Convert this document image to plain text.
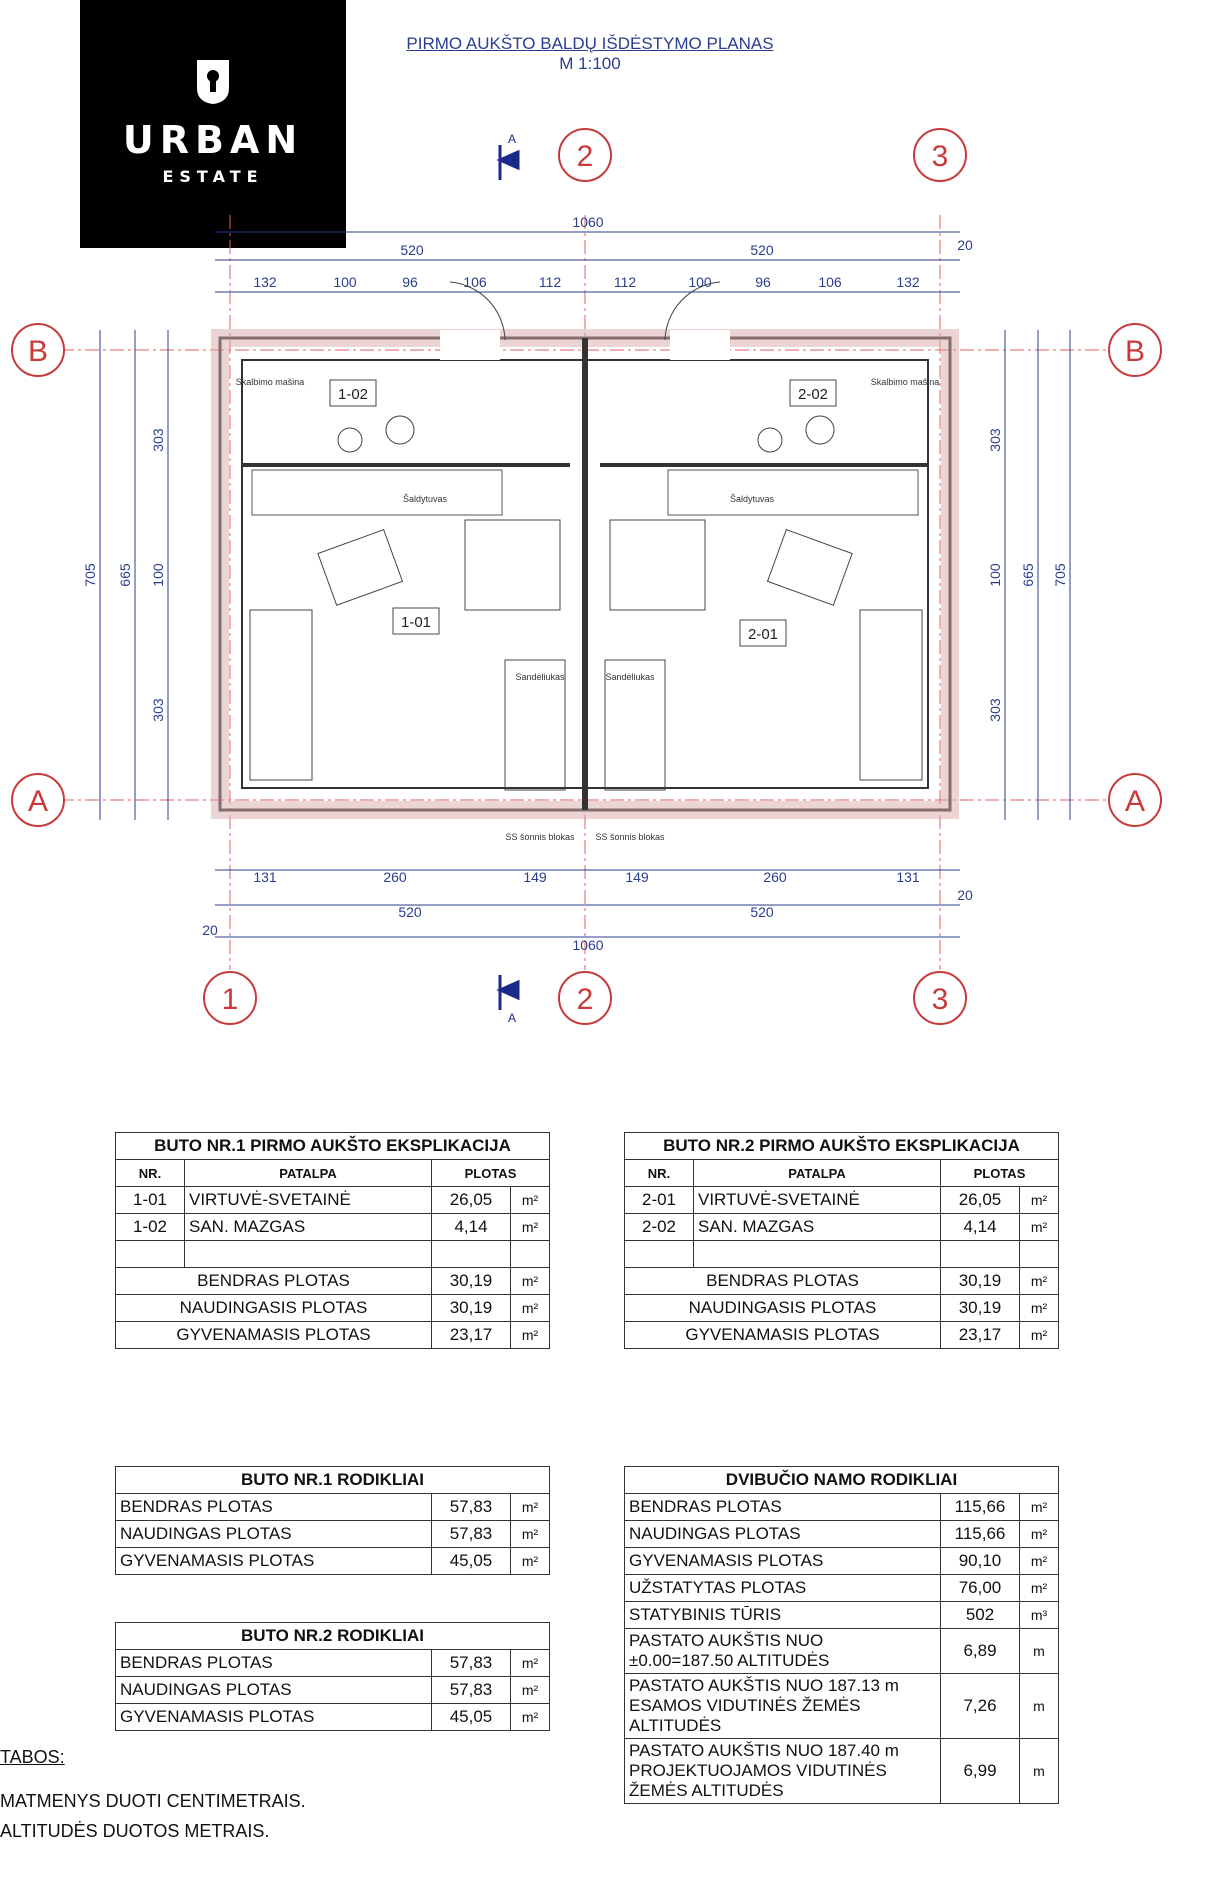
URBAN
ESTATE
PIRMO AUKŠTO BALDŲ IŠDĖSTYMO PLANAS
M 1:100
2	3
1	2	3
B
A
B
A
A
A
1060
520	520	20
132	100	96	106	112	112	100	96	106	132
131	260	149	149	260	131
520	520
1060
20
20
705 665
303
100
303
303
100
303
665 705
1-02
1-01
2-02
2-01
Skalbimo mašina	Skalbimo mašina
Šaldytuvas	Šaldytuvas
Sandėliukas	Sandėliukas
SS šonnis blokas SS šonnis blokas
BUTO NR.1 PIRMO AUKŠTO EKSPLIKACIJA			
NR.	PATALPA	PLOTAS	
1-01	VIRTUVĖ-SVETAINĖ	26,05	m²
1-02	SAN. MAZGAS	4,14	m²

BENDRAS PLOTAS		30,19	m²
NAUDINGASIS PLOTAS		30,19	m²
GYVENAMASIS PLOTAS		23,17	m²
BUTO NR.2 PIRMO AUKŠTO EKSPLIKACIJA			
NR.	PATALPA	PLOTAS	
2-01	VIRTUVĖ-SVETAINĖ	26,05	m²
2-02	SAN. MAZGAS	4,14	m²

BENDRAS PLOTAS		30,19	m²
NAUDINGASIS PLOTAS		30,19	m²
GYVENAMASIS PLOTAS		23,17	m²
BUTO NR.1 RODIKLIAI		
BENDRAS PLOTAS	57,83	m²
NAUDINGAS PLOTAS	57,83	m²
GYVENAMASIS PLOTAS	45,05	m²
BUTO NR.2 RODIKLIAI		
BENDRAS PLOTAS	57,83	m²
NAUDINGAS PLOTAS	57,83	m²
GYVENAMASIS PLOTAS	45,05	m²
DVIBUČIO NAMO RODIKLIAI		
BENDRAS PLOTAS	115,66	m²
NAUDINGAS PLOTAS	115,66	m²
GYVENAMASIS PLOTAS	90,10	m²
UŽSTATYTAS PLOTAS	76,00	m²
STATYBINIS TŪRIS	502	m³

PASTATO AUKŠTIS NUO
±0.00=187.50 ALTITUDĖS	6,89	m

PASTATO AUKŠTIS NUO 187.13 m
ESAMOS VIDUTINĖS ŽEMĖS
ALTITUDĖS	7,26	m

PASTATO AUKŠTIS NUO 187.40 m
PROJEKTUOJAMOS VIDUTINĖS
ŽEMĖS ALTITUDĖS	6,99	m
TABOS:
MATMENYS DUOTI CENTIMETRAIS.
ALTITUDĖS DUOTOS METRAIS.
